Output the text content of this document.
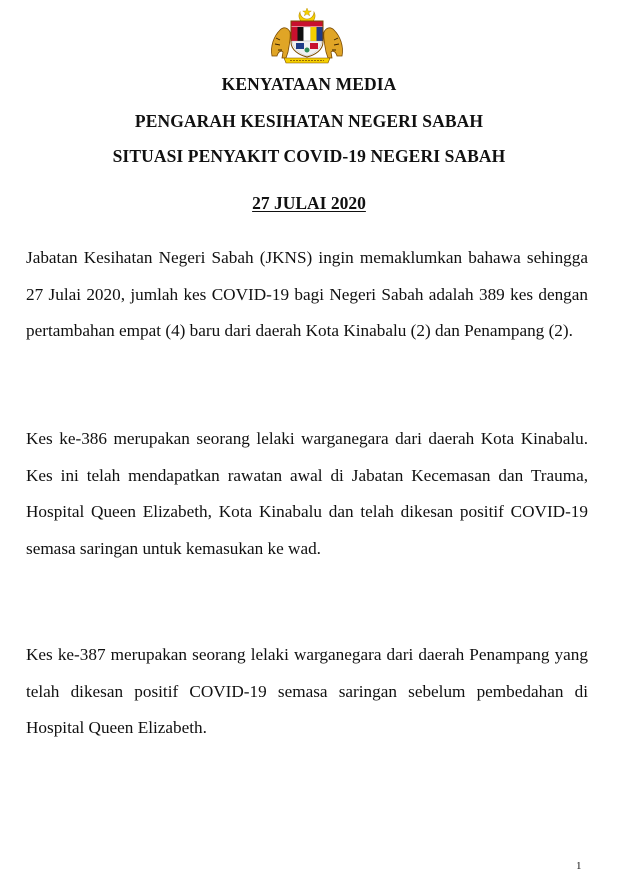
KENYATAAN MEDIA
PENGARAH KESIHATAN NEGERI SABAH
SITUASI PENYAKIT COVID-19 NEGERI SABAH
27 JULAI 2020

Jabatan Kesihatan Negeri Sabah (JKNS) ingin memaklumkan bahawa sehingga 27 Julai 2020, jumlah kes COVID-19 bagi Negeri Sabah adalah 389 kes dengan pertambahan empat (4) baru dari daerah Kota Kinabalu (2) dan Penampang (2).

Kes ke-386 merupakan seorang lelaki warganegara dari daerah Kota Kinabalu. Kes ini telah mendapatkan rawatan awal di Jabatan Kecemasan dan Trauma, Hospital Queen Elizabeth, Kota Kinabalu dan telah dikesan positif COVID-19 semasa saringan untuk kemasukan ke wad.

Kes ke-387 merupakan seorang lelaki warganegara dari daerah Penampang yang telah dikesan positif COVID-19 semasa saringan sebelum pembedahan di Hospital Queen Elizabeth.

1
